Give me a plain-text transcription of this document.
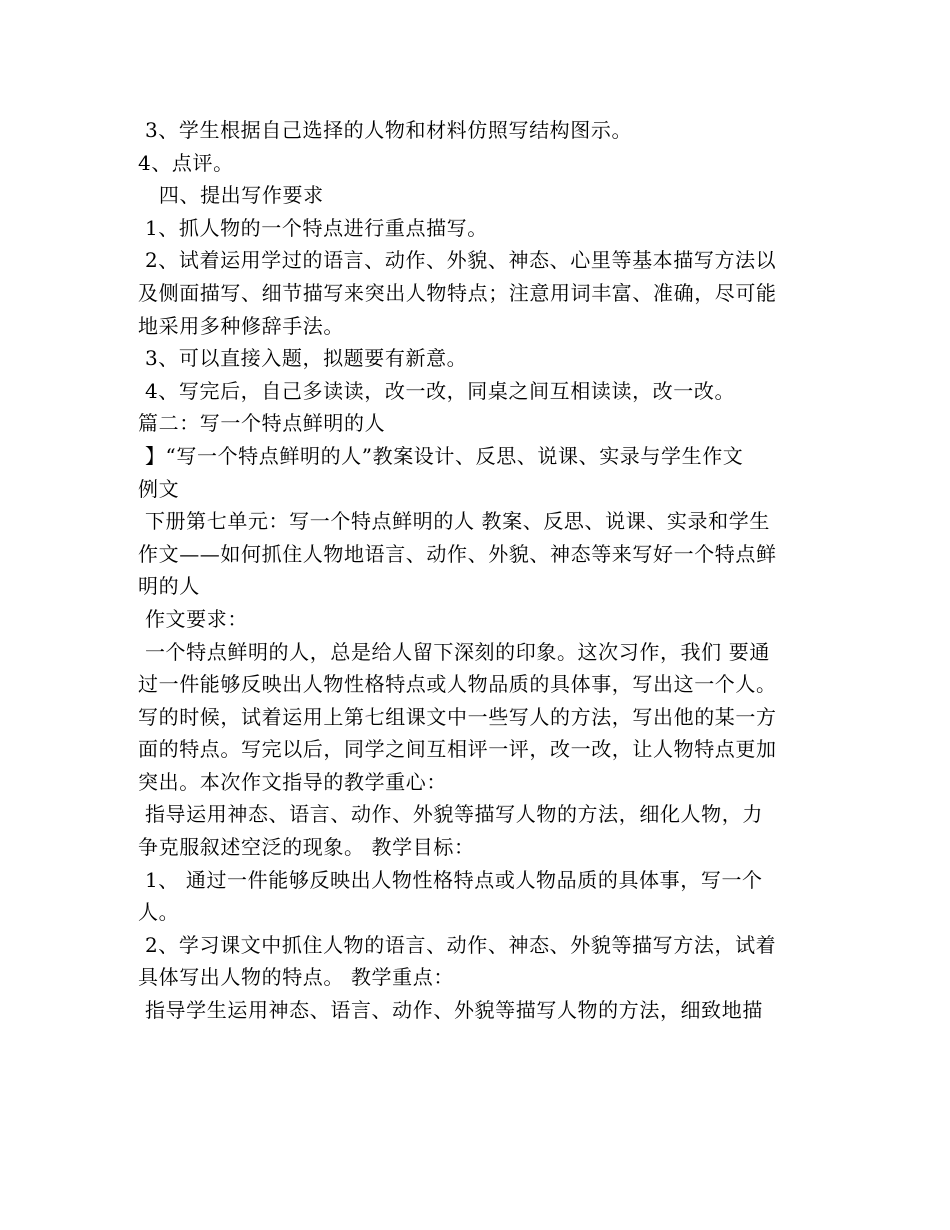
3、学生根据自己选择的人物和材料仿照写结构图示。
4、点评。
四、提出写作要求
1、抓人物的一个特点进行重点描写。
2、试着运用学过的语言、动作、外貌、神态、心里等基本描写方法以
及侧面描写、细节描写来突出人物特点；注意用词丰富、准确，尽可能
地采用多种修辞手法。
3、可以直接入题，拟题要有新意。
4、写完后，自己多读读，改一改，同桌之间互相读读，改一改。
篇二：写一个特点鲜明的人
】“写一个特点鲜明的人”教案设计、反思、说课、实录与学生作文
例文
下册第七单元：写一个特点鲜明的人 教案、反思、说课、实录和学生
作文——如何抓住人物地语言、动作、外貌、神态等来写好一个特点鲜
明的人
作文要求：
一个特点鲜明的人，总是给人留下深刻的印象。这次习作，我们 要通
过一件能够反映出人物性格特点或人物品质的具体事，写出这一个人。
写的时候，试着运用上第七组课文中一些写人的方法，写出他的某一方
面的特点。写完以后，同学之间互相评一评，改一改，让人物特点更加
突出。本次作文指导的教学重心：
指导运用神态、语言、动作、外貌等描写人物的方法，细化人物，力
争克服叙述空泛的现象。 教学目标：
1、 通过一件能够反映出人物性格特点或人物品质的具体事，写一个
人。
2、学习课文中抓住人物的语言、动作、神态、外貌等描写方法，试着
具体写出人物的特点。 教学重点：
指导学生运用神态、语言、动作、外貌等描写人物的方法，细致地描
